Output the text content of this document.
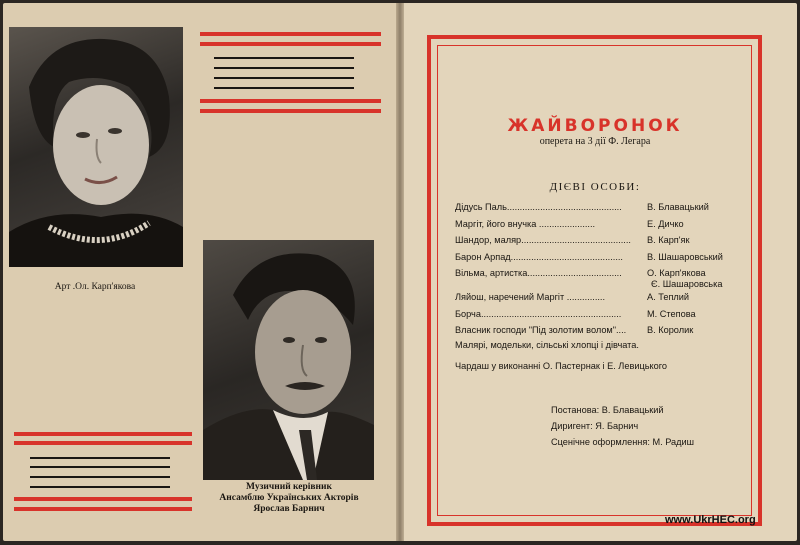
Арт .Ол. Карп'якова
Музичний керівник
Ансамблю Українських Акторів
Ярослав Барнич
ЖАЙВОРОНОК
оперета на 3 дії Ф. Легара
ДІЄВІ ОСОБИ:
Дідусь Паль.............................................	В. Блавацький
Маргіт, його внучка ......................	Е. Дичко
Шандор, маляр........................................... В. Карп'як
Барон Арпад............................................	В. Шашаровський
Вільма, артистка.....................................	О. Карп'якова
Є. Шашаровська
Ляйош, наречений Маргіт ...............	А. Теплий
Борча.......................................................	М. Степова
Власник господи "Під золотим волом".... В. Королик
Малярі, модельки, сільські хлопці і дівчата.
Чардаш у виконанні О. Пастернак і Е. Левицького
Постанова: В. Блавацький
Диригент: Я. Барнич
Сценічне оформлення: М. Радиш
www.UkrHEC.org
